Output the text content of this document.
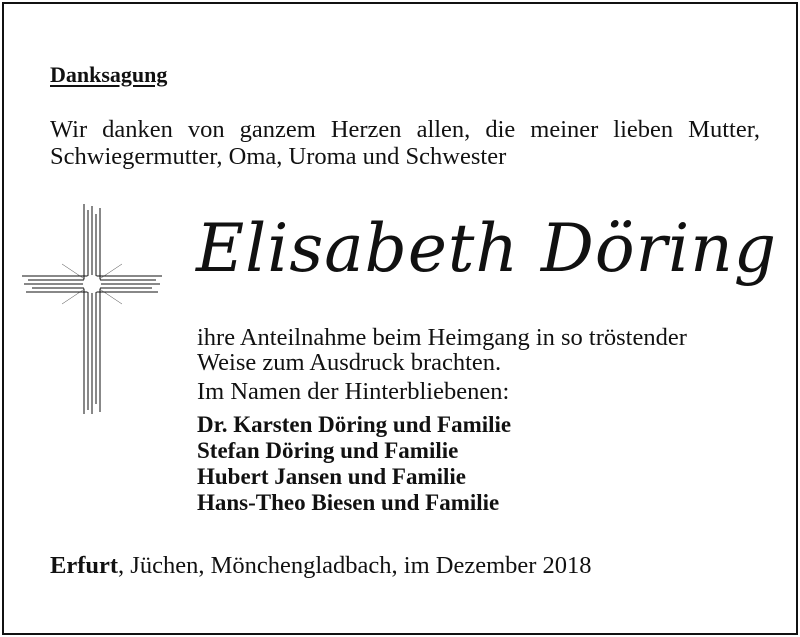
Danksagung

Wir danken von ganzem Herzen allen, die meiner lieben Mutter, Schwiegermutter, Oma, Uroma und Schwester

Elisabeth Döring

ihre Anteilnahme beim Heimgang in so tröstender Weise zum Ausdruck brachten.

Im Namen der Hinterbliebenen:

Dr. Karsten Döring und Familie
Stefan Döring und Familie
Hubert Jansen und Familie
Hans-Theo Biesen und Familie

Erfurt, Jüchen, Mönchengladbach, im Dezember 2018
